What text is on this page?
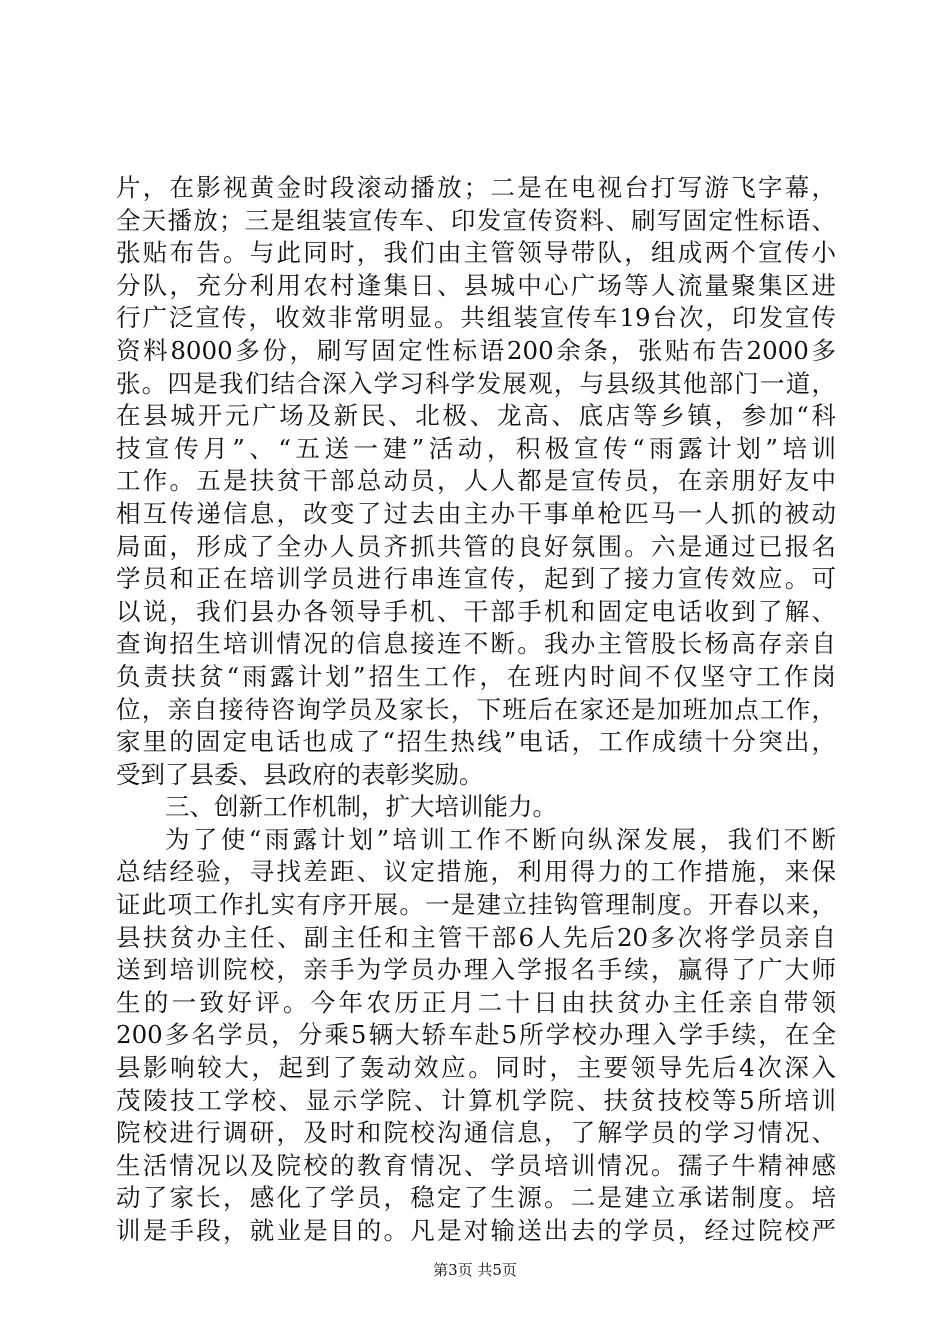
片，在影视黄金时段滚动播放；二是在电视台打写游飞字幕，
全天播放；三是组装宣传车、印发宣传资料、刷写固定性标语、
张贴布告。与此同时，我们由主管领导带队，组成两个宣传小
分队，充分利用农村逢集日、县城中心广场等人流量聚集区进
行广泛宣传，收效非常明显。共组装宣传车19台次，印发宣传
资料8000多份，刷写固定性标语200余条，张贴布告2000多
张。四是我们结合深入学习科学发展观，与县级其他部门一道，
在县城开元广场及新民、北极、龙高、底店等乡镇，参加“科
技宣传月”、“五送一建”活动，积极宣传“雨露计划”培训
工作。五是扶贫干部总动员，人人都是宣传员，在亲朋好友中
相互传递信息，改变了过去由主办干事单枪匹马一人抓的被动
局面，形成了全办人员齐抓共管的良好氛围。六是通过已报名
学员和正在培训学员进行串连宣传，起到了接力宣传效应。可
以说，我们县办各领导手机、干部手机和固定电话收到了解、
查询招生培训情况的信息接连不断。我办主管股长杨高存亲自
负责扶贫“雨露计划”招生工作，在班内时间不仅坚守工作岗
位，亲自接待咨询学员及家长，下班后在家还是加班加点工作，
家里的固定电话也成了“招生热线”电话，工作成绩十分突出，
受到了县委、县政府的表彰奖励。
三、创新工作机制，扩大培训能力。
为了使“雨露计划”培训工作不断向纵深发展，我们不断
总结经验，寻找差距、议定措施，利用得力的工作措施，来保
证此项工作扎实有序开展。一是建立挂钩管理制度。开春以来，
县扶贫办主任、副主任和主管干部6人先后20多次将学员亲自
送到培训院校，亲手为学员办理入学报名手续，赢得了广大师
生的一致好评。今年农历正月二十日由扶贫办主任亲自带领
200多名学员，分乘5辆大轿车赴5所学校办理入学手续，在全
县影响较大，起到了轰动效应。同时，主要领导先后4次深入
茂陵技工学校、显示学院、计算机学院、扶贫技校等5所培训
院校进行调研，及时和院校沟通信息，了解学员的学习情况、
生活情况以及院校的教育情况、学员培训情况。孺子牛精神感
动了家长，感化了学员，稳定了生源。二是建立承诺制度。培
训是手段，就业是目的。凡是对输送出去的学员，经过院校严
第3页 共5页
